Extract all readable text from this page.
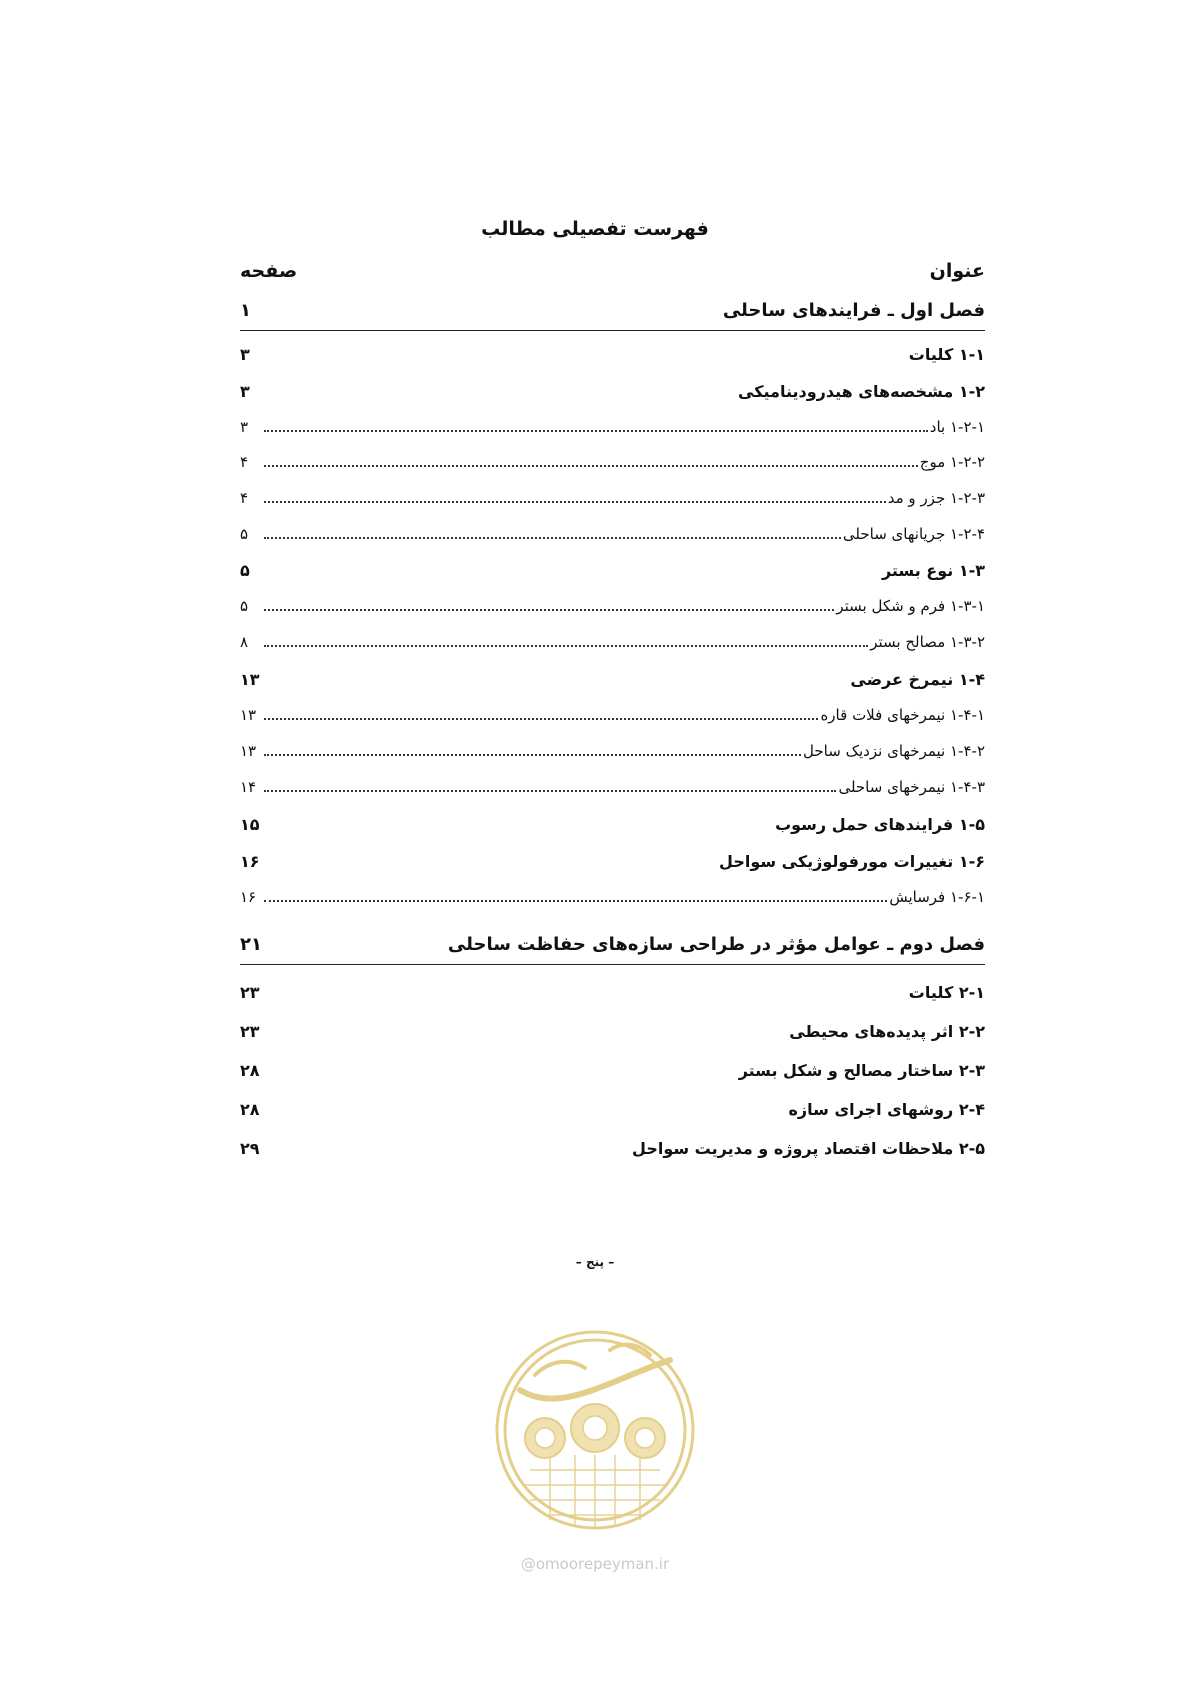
فهرست تفصیلی مطالب
عنوان
صفحه
فصل اول ـ فرایندهای ساحلی
۱
۱-۱ کلیات
۳
۱-۲ مشخصه‌های هیدرودینامیکی
۳
۱-۲-۱ باد
۳
۱-۲-۲ موج
۴
۱-۲-۳ جزر و مد
۴
۱-۲-۴ جریانهای ساحلی
۵
۱-۳ نوع بستر
۵
۱-۳-۱ فرم و شکل بستر
۵
۱-۳-۲ مصالح بستر
۸
۱-۴ نیمرخ عرضی
۱۳
۱-۴-۱ نیمرخهای فلات قاره
۱۳
۱-۴-۲ نیمرخهای نزدیک ساحل
۱۳
۱-۴-۳ نیمرخهای ساحلی
۱۴
۱-۵ فرایندهای حمل رسوب
۱۵
۱-۶ تغییرات مورفولوژیکی سواحل
۱۶
۱-۶-۱ فرسایش
۱۶
فصل دوم ـ عوامل مؤثر در طراحی سازه‌های حفاظت ساحلی
۲۱
۲-۱ کلیات
۲۳
۲-۲ اثر پدیده‌های محیطی
۲۳
۲-۳ ساختار مصالح و شکل بستر
۲۸
۲-۴ روشهای اجرای سازه
۲۸
۲-۵ ملاحظات اقتصاد پروژه و مدیریت سواحل
۲۹
– پنج –
@omoorepeyman.ir
